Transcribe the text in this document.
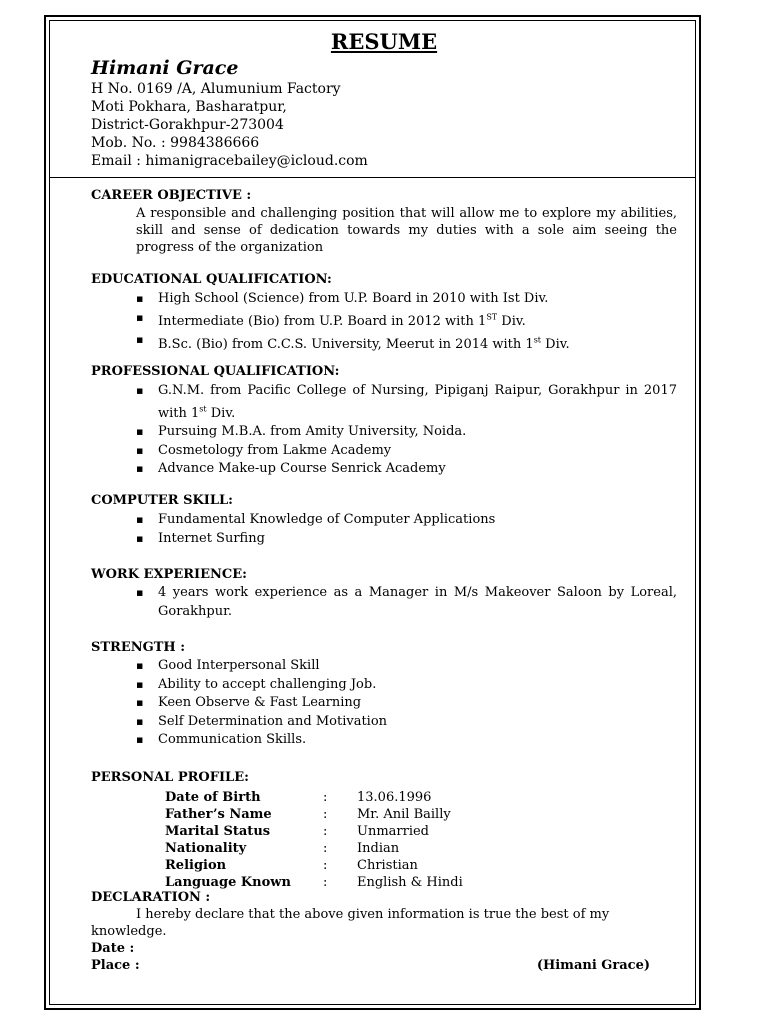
RESUME
Himani Grace
H No. 0169 /A, Alumunium Factory
Moti Pokhara, Basharatpur,
District-Gorakhpur-273004
Mob. No. : 9984386666
Email : himanigracebailey@icloud.com
CAREER OBJECTIVE :
A responsible and challenging position that will allow me to explore my abilities, skill and sense of dedication towards my duties with a sole aim seeing the progress of the organization
EDUCATIONAL QUALIFICATION:
▪ High School (Science) from U.P. Board in 2010 with Ist Div.
▪ Intermediate (Bio) from U.P. Board in 2012 with 1ST Div.
▪ B.Sc. (Bio) from C.C.S. University, Meerut in 2014 with 1st Div.
PROFESSIONAL QUALIFICATION:
▪ G.N.M. from Pacific College of Nursing, Pipiganj Raipur, Gorakhpur in 2017 with 1st Div.
▪ Pursuing M.B.A. from Amity University, Noida.
▪ Cosmetology from Lakme Academy
▪ Advance Make-up Course Senrick Academy
COMPUTER SKILL:
▪ Fundamental Knowledge of Computer Applications
▪ Internet Surfing
WORK EXPERIENCE:
▪ 4 years work experience as a Manager in M/s Makeover Saloon by Loreal, Gorakhpur.
STRENGTH :
▪ Good Interpersonal Skill
▪ Ability to accept challenging Job.
▪ Keen Observe & Fast Learning
▪ Self Determination and Motivation
▪ Communication Skills.
PERSONAL PROFILE:
Date of Birth	: 13.06.1996
Father’s Name	: Mr. Anil Bailly
Marital Status	: Unmarried
Nationality	: Indian
Religion	: Christian
Language Known : English & Hindi
DECLARATION :
I hereby declare that the above given information is true the best of my knowledge.
Date :
Place :	(Himani Grace)
